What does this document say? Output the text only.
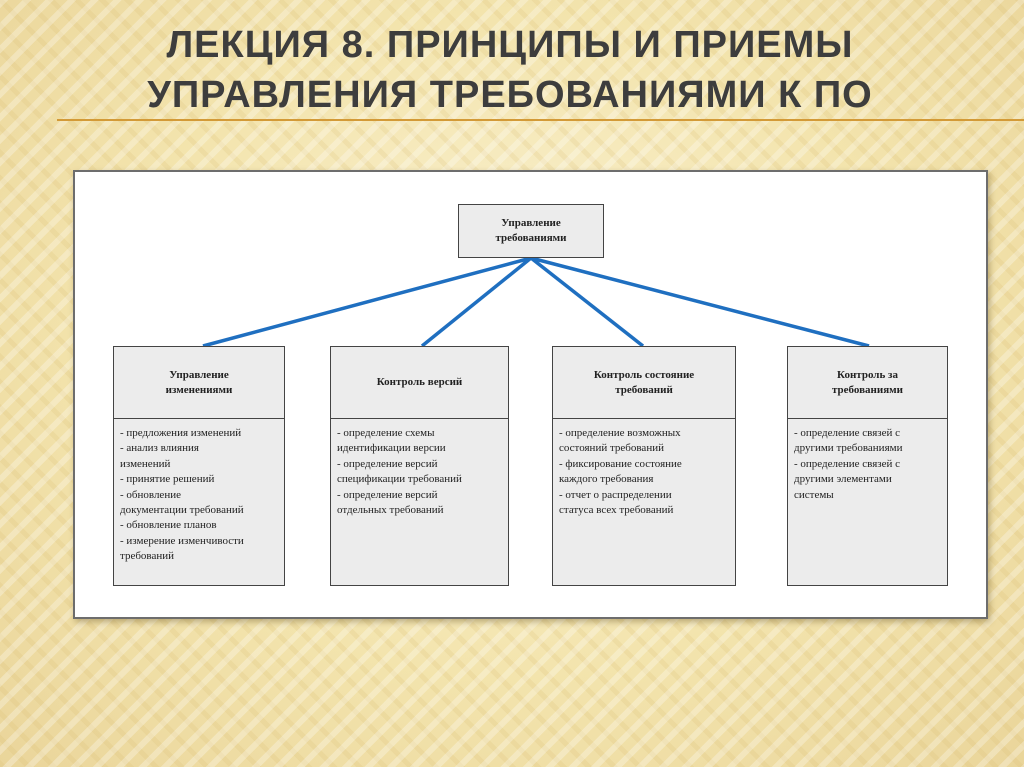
ЛЕКЦИЯ 8. ПРИНЦИПЫ И ПРИЕМЫ
УПРАВЛЕНИЯ ТРЕБОВАНИЯМИ К ПО
Управление
требованиями
Управление
изменениями
- предложения изменений
- анализ влияния
изменений
- принятие решений
- обновление
документации требований
- обновление планов
- измерение изменчивости
требований
Контроль версий
- определение схемы
идентификации версии
- определение версий
спецификации требований
- определение версий
отдельных требований
Контроль состояние
требований
- определение возможных
состояний требований
- фиксирование состояние
каждого требования
- отчет о распределении
статуса всех требований
Контроль за
требованиями
- определение связей с
другими требованиями
- определение связей с
другими элементами
системы
